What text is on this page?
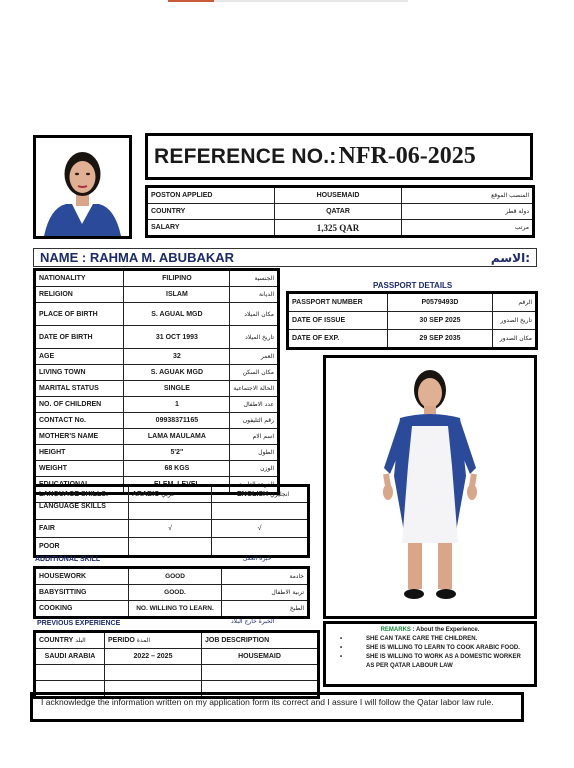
REFERENCE NO.: NFR-06-2025
POSTON APPLIED	HOUSEMAID	المنصب الموقع
COUNTRY	QATAR	دولة قطر
SALARY	1,325 QAR	مرتب
NAME : RAHMA M. ABUBAKAR	الاسم:
NATIONALITY	FILIPINO	الجنسية
RELIGION	ISLAM	الديانة
PLACE OF BIRTH	S. AGUAL MGD	مكان الميلاد
DATE OF BIRTH	31 OCT 1993	تاريخ الميلاد
AGE	32	العمر
LIVING TOWN	S. AGUAK MGD	مكان السكن
MARITAL STATUS	SINGLE	الحالة الاجتماعية
NO. OF CHILDREN	1	عدد الاطفال
CONTACT No.	09938371165	رقم التليفون
MOTHER'S NAME	LAMA MAULAMA	اسم الام
HEIGHT	5'2"	الطول
WEIGHT	68 KGS	الوزن
EDUCATIONAL	ELEM. LEVEL	الدرجة العلمية
PASSPORT DETAILS
PASSPORT NUMBER	P0579493D	الرقم
DATE OF ISSUE	30 SEP 2025	تاريخ الصدور
DATE OF EXP.	29 SEP 2035	مكان الصدور
LANGUAGE SKILLS:	ARABIC عربي	ENGLISH انجليزي
LANGUAGE SKILLS		
FAIR	√	√
POOR		
ADDITIONAL SKILL	خبرة العمل
HOUSEWORK	GOOD	خادمة
BABYSITTING	GOOD.	تربية الاطفال
COOKING	NO. WILLING TO LEARN.	الطبخ
PREVIOUS EXPERIENCE	الخبرة خارج البلاد
COUNTRY البلد	PERIDO المدة	JOB DESCRIPTION
SAUDI ARABIA	2022 – 2025	HOUSEMAID

REMARKS : About the Experience.
• SHE CAN TAKE CARE THE CHILDREN.
• SHE IS WILLING TO LEARN TO COOK ARABIC FOOD.
• SHE IS WILLING TO WORK AS A DOMESTIC WORKER AS PER QATAR LABOUR LAW
I acknowledge the information written on my application form its correct and I assure I will follow the Qatar labor law rule.
